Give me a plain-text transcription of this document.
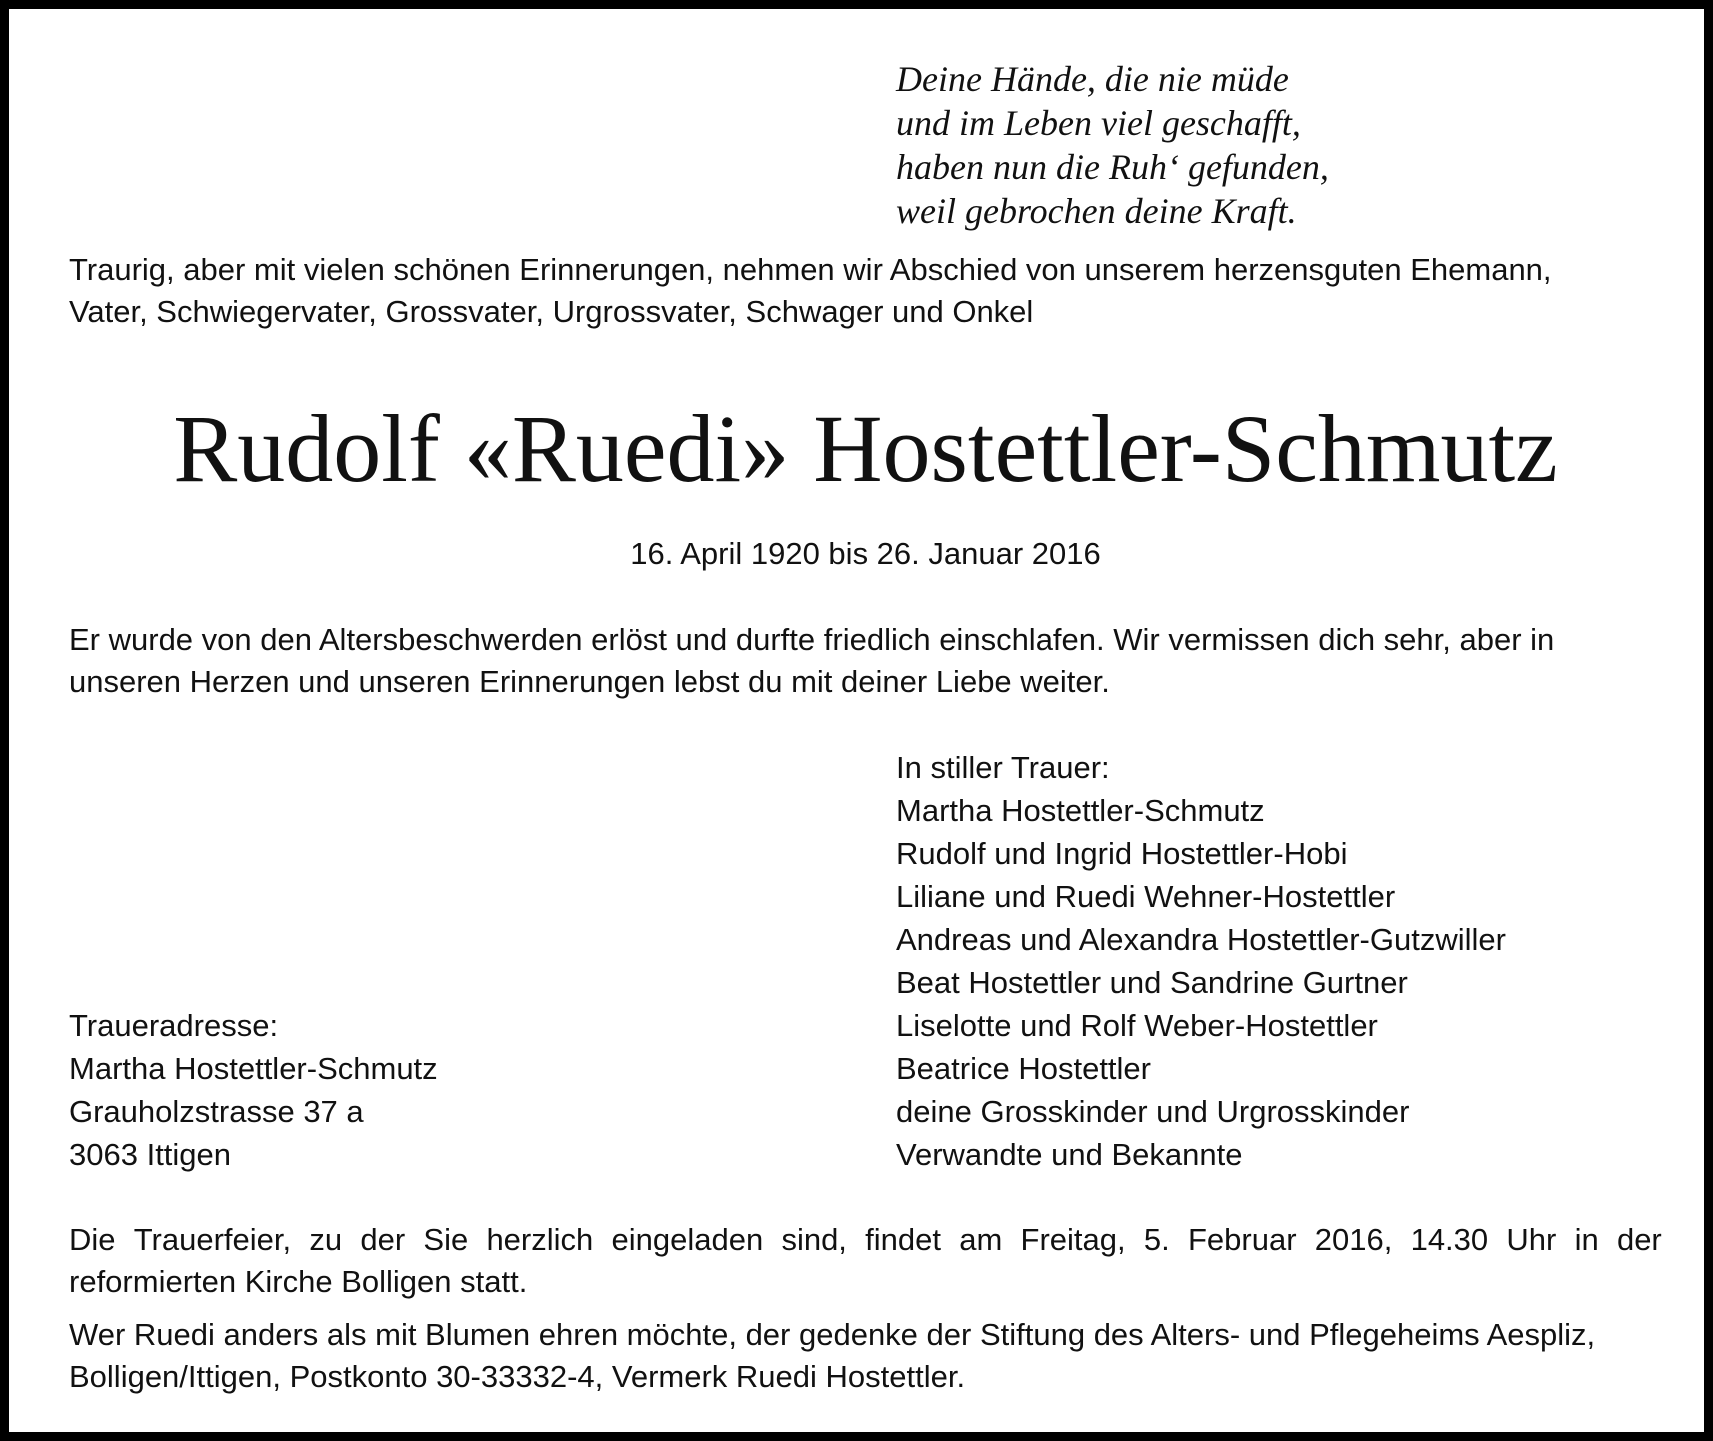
Deine Hände, die nie müde
und im Leben viel geschafft,
haben nun die Ruh‘ gefunden,
weil gebrochen deine Kraft.
Traurig, aber mit vielen schönen Erinnerungen, nehmen wir Abschied von unserem herzensguten Ehemann,
Vater, Schwiegervater, Grossvater, Urgrossvater, Schwager und Onkel
Rudolf «Ruedi» Hostettler-Schmutz
16. April 1920 bis 26. Januar 2016
Er wurde von den Altersbeschwerden erlöst und durfte friedlich einschlafen. Wir vermissen dich sehr, aber in
unseren Herzen und unseren Erinnerungen lebst du mit deiner Liebe weiter.
In stiller Trauer:
Martha Hostettler-Schmutz
Rudolf und Ingrid Hostettler-Hobi
Liliane und Ruedi Wehner-Hostettler
Andreas und Alexandra Hostettler-Gutzwiller
Beat Hostettler und Sandrine Gurtner
Liselotte und Rolf Weber-Hostettler
Beatrice Hostettler
deine Grosskinder und Urgrosskinder
Verwandte und Bekannte
Traueradresse:
Martha Hostettler-Schmutz
Grauholzstrasse 37 a
3063 Ittigen
Die Trauerfeier, zu der Sie herzlich eingeladen sind, findet am Freitag, 5. Februar 2016, 14.30 Uhr in der
reformierten Kirche Bolligen statt.
Wer Ruedi anders als mit Blumen ehren möchte, der gedenke der Stiftung des Alters- und Pflegeheims Aespliz,
Bolligen/Ittigen, Postkonto 30-33332-4, Vermerk Ruedi Hostettler.
